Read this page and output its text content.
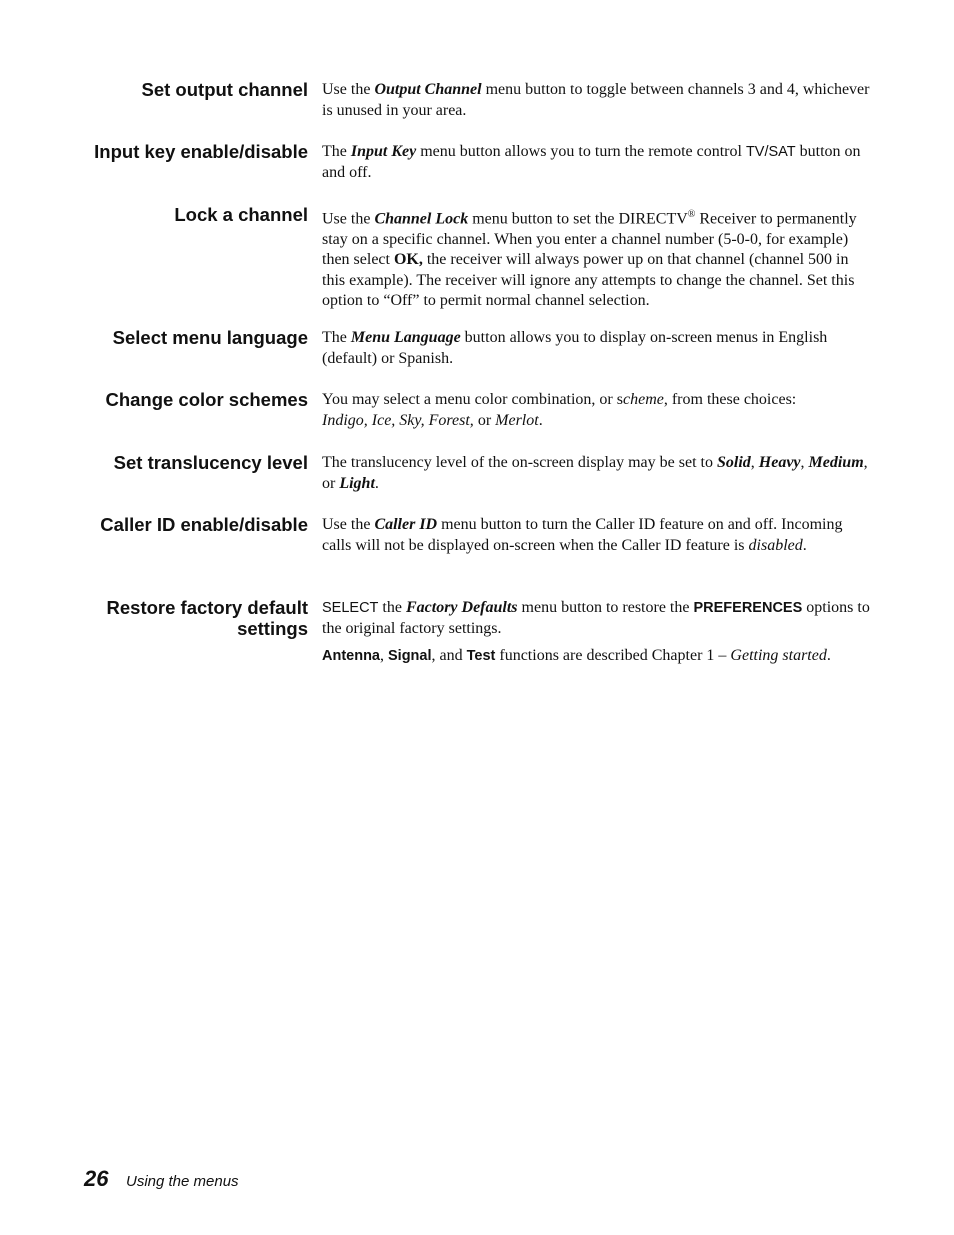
Set output channel Use the Output Channel menu button to toggle between channels 3 and 4, whichever is unused in your area.
Input key enable/disable The Input Key menu button allows you to turn the remote control TV/SAT button on and off.
Lock a channel Use the Channel Lock menu button to set the DIRECTV® Receiver to permanently stay on a specific channel. When you enter a channel number (5-0-0, for example) then select OK, the receiver will always power up on that channel (channel 500 in this example). The receiver will ignore any attempts to change the channel. Set this option to “Off” to permit normal channel selection.
Select menu language The Menu Language button allows you to display on-screen menus in English (default) or Spanish.
Change color schemes You may select a menu color combination, or scheme, from these choices: Indigo, Ice, Sky, Forest, or Merlot.
Set translucency level The translucency level of the on-screen display may be set to Solid, Heavy, Medium, or Light.
Caller ID enable/disable Use the Caller ID menu button to turn the Caller ID feature on and off. Incoming calls will not be displayed on-screen when the Caller ID feature is disabled.
Restore factory default
settings
SELECT the Factory Defaults menu button to restore the PREFERENCES options to the original factory settings.
Antenna, Signal, and Test functions are described Chapter 1 – Getting started.
26 Using the menus
